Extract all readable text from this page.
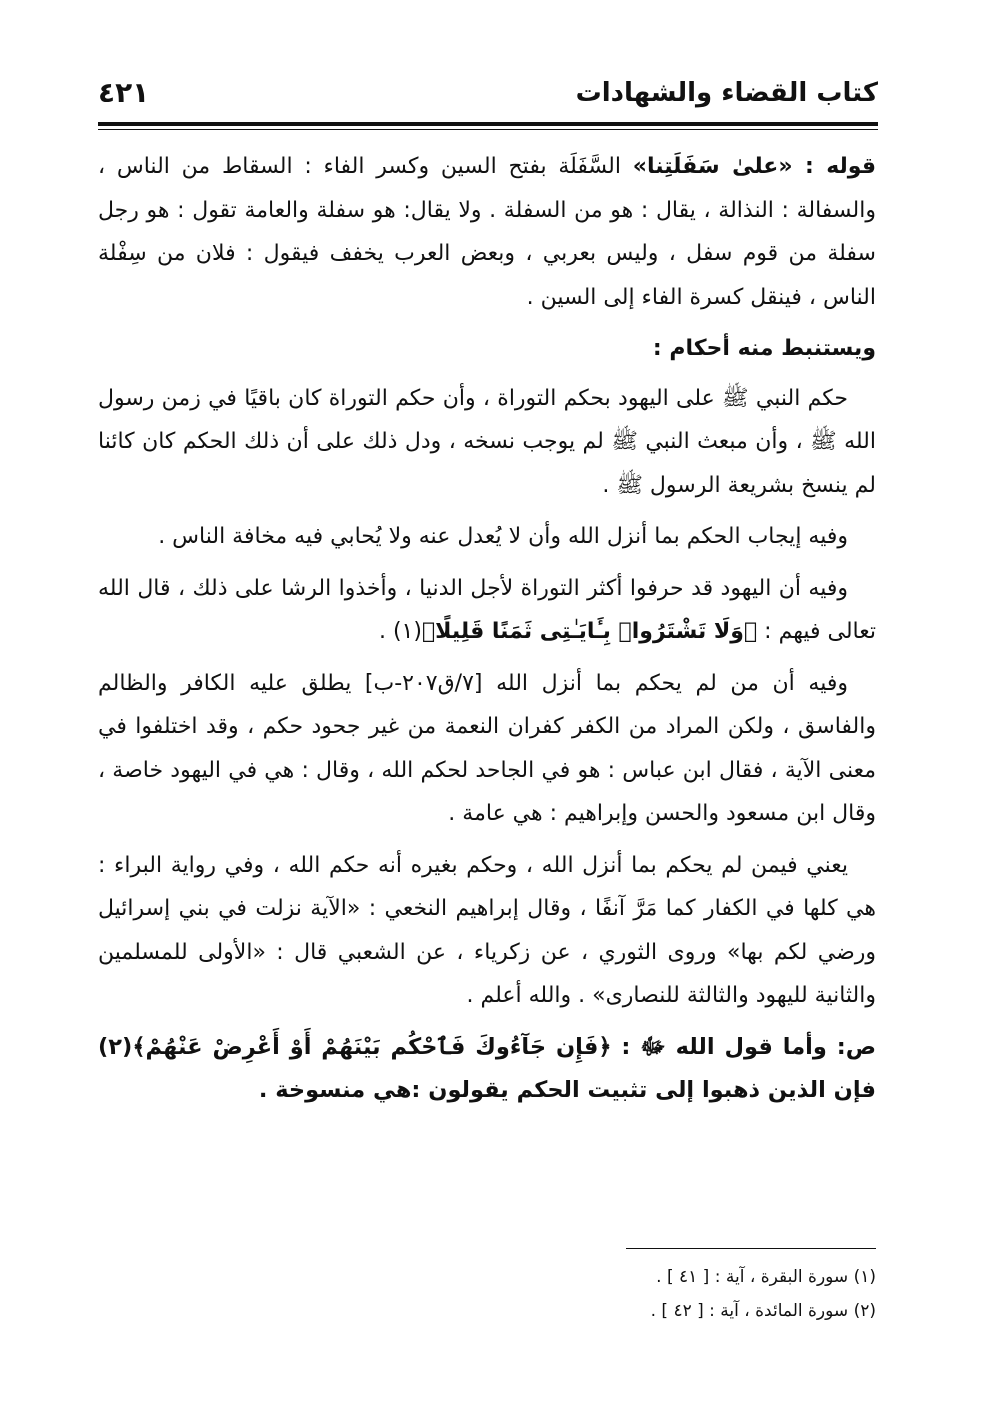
كتاب القضاء والشهادات
٤٢١

قوله : «علىٰ سَفَلَتِنا» السَّفَلَة بفتح السين وكسر الفاء : السقاط من الناس ، والسفالة : النذالة ، يقال : هو من السفلة . ولا يقال: هو سفلة والعامة تقول : هو رجل سفلة من قوم سفل ، وليس بعربي ، وبعض العرب يخفف فيقول : فلان من سِفْلة الناس ، فينقل كسرة الفاء إلى السين .

ويستنبط منه أحكام :

حكم النبي ﷺ على اليهود بحكم التوراة ، وأن حكم التوراة كان باقيًا في زمن رسول الله ﷺ ، وأن مبعث النبي ﷺ لم يوجب نسخه ، ودل ذلك على أن ذلك الحكم كان كائنا لم ينسخ بشريعة الرسول ﷺ .

وفيه إيجاب الحكم بما أنزل الله وأن لا يُعدل عنه ولا يُحابي فيه مخافة الناس .

وفيه أن اليهود قد حرفوا أكثر التوراة لأجل الدنيا ، وأخذوا الرشا على ذلك ، قال الله تعالى فيهم : ﴿وَلَا تَشْتَرُوا۟ بِـَٔايَـٰتِى ثَمَنًا قَلِيلًا﴾(١) .

وفيه أن من لم يحكم بما أنزل الله [٧/ق٢٠٧-ب] يطلق عليه الكافر والظالم والفاسق ، ولكن المراد من الكفر كفران النعمة من غير جحود حكم ، وقد اختلفوا في معنى الآية ، فقال ابن عباس : هو في الجاحد لحكم الله ، وقال : هي في اليهود خاصة ، وقال ابن مسعود والحسن وإبراهيم : هي عامة .

يعني فيمن لم يحكم بما أنزل الله ، وحكم بغيره أنه حكم الله ، وفي رواية البراء : هي كلها في الكفار كما مَرَّ آنفًا ، وقال إبراهيم النخعي : «الآية نزلت في بني إسرائيل ورضي لكم بها» وروى الثوري ، عن زكرياء ، عن الشعبي قال : «الأولى للمسلمين والثانية لليهود والثالثة للنصارى» . والله أعلم .

ص: وأما قول الله ﷻ : ﴿فَإِن جَآءُوكَ فَٱحْكُم بَيْنَهُمْ أَوْ أَعْرِضْ عَنْهُمْ﴾(٢) فإن الذين ذهبوا إلى تثبيت الحكم يقولون :هي منسوخة .

(١) سورة البقرة ، آية : [ ٤١ ] .
(٢) سورة المائدة ، آية : [ ٤٢ ] .
